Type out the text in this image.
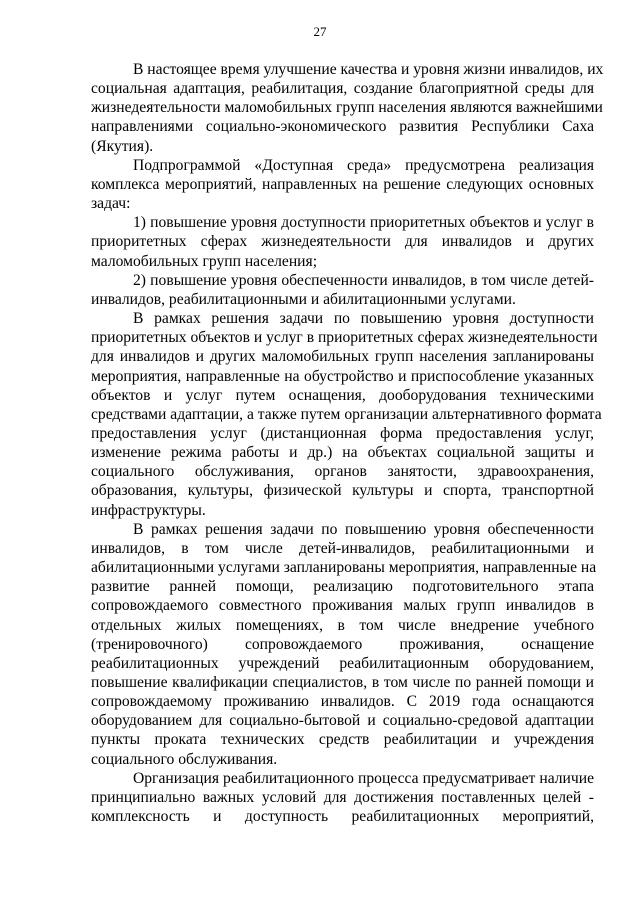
27

В настоящее время улучшение качества и уровня жизни инвалидов, их
социальная адаптация, реабилитация, создание благоприятной среды для
жизнедеятельности маломобильных групп населения являются важнейшими
направлениями социально-экономического развития Республики Саха
(Якутия).

Подпрограммой «Доступная среда» предусмотрена реализация
комплекса мероприятий, направленных на решение следующих основных
задач:

1) повышение уровня доступности приоритетных объектов и услуг в
приоритетных сферах жизнедеятельности для инвалидов и других
маломобильных групп населения;

2) повышение уровня обеспеченности инвалидов, в том числе детей-
инвалидов, реабилитационными и абилитационными услугами.

В рамках решения задачи по повышению уровня доступности
приоритетных объектов и услуг в приоритетных сферах жизнедеятельности
для инвалидов и других маломобильных групп населения запланированы
мероприятия, направленные на обустройство и приспособление указанных
объектов и услуг путем оснащения, дооборудования техническими
средствами адаптации, а также путем организации альтернативного формата
предоставления услуг (дистанционная форма предоставления услуг,
изменение режима работы и др.) на объектах социальной защиты и
социального обслуживания, органов занятости, здравоохранения,
образования, культуры, физической культуры и спорта, транспортной
инфраструктуры.

В рамках решения задачи по повышению уровня обеспеченности
инвалидов, в том числе детей-инвалидов, реабилитационными и
абилитационными услугами запланированы мероприятия, направленные на
развитие ранней помощи, реализацию подготовительного этапа
сопровождаемого совместного проживания малых групп инвалидов в
отдельных жилых помещениях, в том числе внедрение учебного
(тренировочного) сопровождаемого проживания, оснащение
реабилитационных учреждений реабилитационным оборудованием,
повышение квалификации специалистов, в том числе по ранней помощи и
сопровождаемому проживанию инвалидов. С 2019 года оснащаются
оборудованием для социально-бытовой и социально-средовой адаптации
пункты проката технических средств реабилитации и учреждения
социального обслуживания.

Организация реабилитационного процесса предусматривает наличие
принципиально важных условий для достижения поставленных целей -
комплексность и доступность реабилитационных мероприятий,
